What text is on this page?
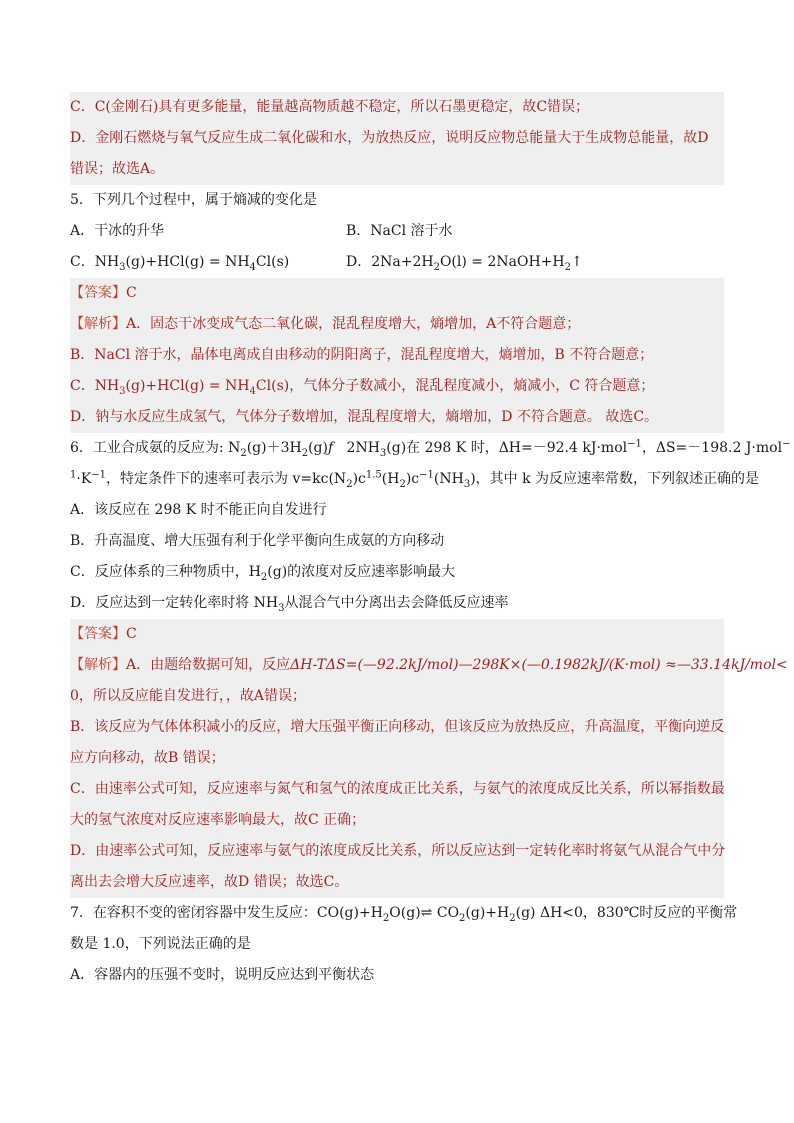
C．C(金刚石)具有更多能量，能量越高物质越不稳定，所以石墨更稳定，故C错误；
D．金刚石燃烧与氧气反应生成二氧化碳和水，为放热反应，说明反应物总能量大于生成物总能量，故D
错误；故选A。
5．下列几个过程中，属于熵减的变化是
A．干冰的升华	B．NaCl 溶于水
C．$NH_3(g)+HCl(g) = NH_4Cl(s)$	D．$2Na+2H_2O(l)$ = $2NaOH+H_2↑$
【答案】C
【解析】A．固态干冰变成气态二氧化碳，混乱程度增大，熵增加，A不符合题意；
B．NaCl 溶于水，晶体电离成自由移动的阴阳离子，混乱程度增大，熵增加，B 不符合题意；
C．$NH_3(g)+HCl(g) = NH_4Cl(s)$，气体分子数减小，混乱程度减小，熵减小，C 符合题意；
D．钠与水反应生成氢气，气体分子数增加，混乱程度增大，熵增加，D 不符合题意。 故选C。
6．工业合成氨的反应为: $N_2(g)+3H_2(g)ƒ$ $2NH_3(g)$在 298 K 时，ΔH=－92.4 kJ·mol$^{-1}$，ΔS=－198.2 J·mol−
$^1\cdot K^{-1}$，特定条件下的速率可表示为 $v=kc(N_2)c^{1.5}(H_2)c^{-1}(NH_3)$，其中 k 为反应速率常数，下列叙述正确的是
A．该反应在 298 K 时不能正向自发进行
B．升高温度、增大压强有利于化学平衡向生成氨的方向移动
C．反应体系的三种物质中，$H_2(g)$的浓度对反应速率影响最大
D．反应达到一定转化率时将 $NH_3$从混合气中分离出去会降低反应速率
【答案】C
【解析】A．由题给数据可知，反应ΔH-TΔS=(—92.2kJ/mol)—298K×(—0.1982kJ/(K·mol) ≈—33.14kJ/mol<
0，所以反应能自发进行，，故A错误；
B．该反应为气体体积减小的反应，增大压强平衡正向移动，但该反应为放热反应，升高温度，平衡向逆反
应方向移动，故B 错误；
C．由速率公式可知，反应速率与氮气和氢气的浓度成正比关系，与氨气的浓度成反比关系，所以幂指数最
大的氢气浓度对反应速率影响最大，故C 正确；
D．由速率公式可知，反应速率与氨气的浓度成反比关系，所以反应达到一定转化率时将氨气从混合气中分
离出去会增大反应速率，故D 错误；故选C。
7．在容积不变的密闭容器中发生反应：$CO(g)+H_2O(g)\rightleftharpoons$ $CO_2(g)+H_2(g)$ ΔH<0，830℃时反应的平衡常
数是 1.0，下列说法正确的是
A．容器内的压强不变时，说明反应达到平衡状态
